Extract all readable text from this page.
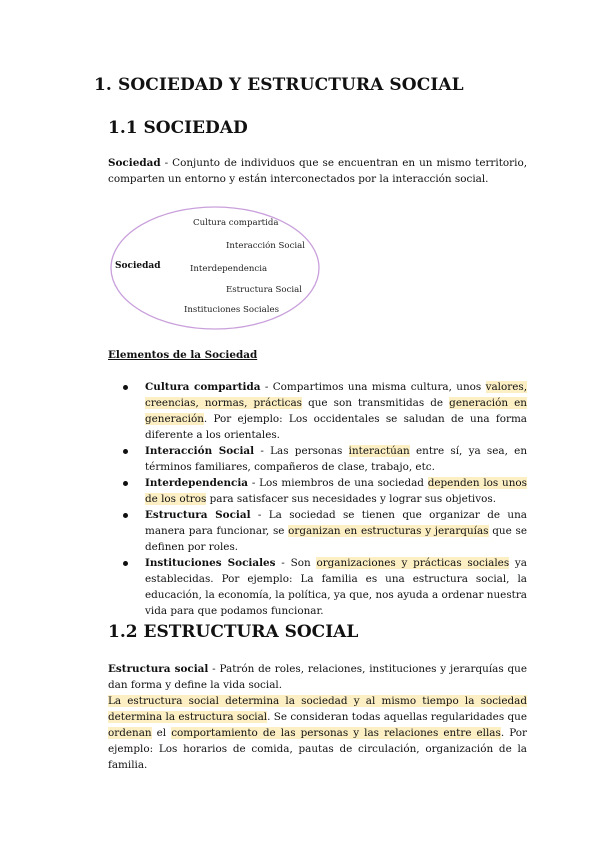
1. SOCIEDAD Y ESTRUCTURA SOCIAL
1.1 SOCIEDAD

Sociedad - Conjunto de individuos que se encuentran en un mismo territorio, comparten un entorno y están interconectados por la interacción social.

Sociedad
Cultura compartida
Interacción Social
Interdependencia
Estructura Social
Instituciones Sociales
Elementos de la Sociedad
Cultura compartida - Compartimos una misma cultura, unos valores, creencias, normas, prácticas que son transmitidas de generación en generación. Por ejemplo: Los occidentales se saludan de una forma diferente a los orientales.
Interacción Social - Las personas interactúan entre sí, ya sea, en términos familiares, compañeros de clase, trabajo, etc.
Interdependencia - Los miembros de una sociedad dependen los unos de los otros para satisfacer sus necesidades y lograr sus objetivos.
Estructura Social - La sociedad se tienen que organizar de una manera para funcionar, se organizan en estructuras y jerarquías que se definen por roles.
Instituciones Sociales - Son organizaciones y prácticas sociales ya establecidas. Por ejemplo: La familia es una estructura social, la educación, la economía, la política, ya que, nos ayuda a ordenar nuestra vida para que podamos funcionar.
1.2 ESTRUCTURA SOCIAL

Estructura social - Patrón de roles, relaciones, instituciones y jerarquías que dan forma y define la vida social.
La estructura social determina la sociedad y al mismo tiempo la sociedad determina la estructura social. Se consideran todas aquellas regularidades que ordenan el comportamiento de las personas y las relaciones entre ellas. Por ejemplo: Los horarios de comida, pautas de circulación, organización de la familia.
